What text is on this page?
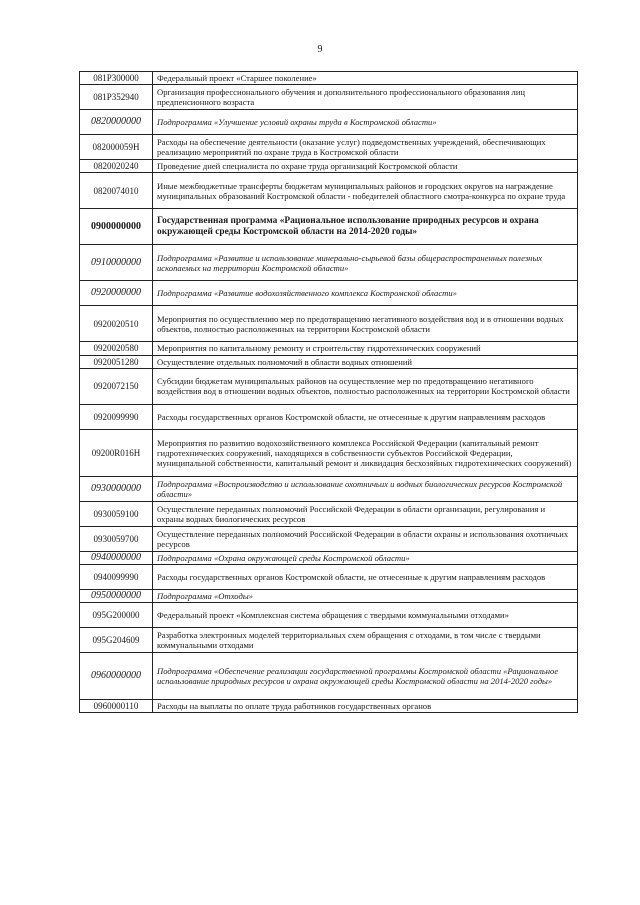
9
081P300000	Федеральный проект «Старшее поколение»
081P352940	Организация профессионального обучения и дополнительного профессионального образования лиц предпенсионного возраста
0820000000	Подпрограмма «Улучшение условий охраны труда в Костромской области»
082000059Н	Расходы на обеспечение деятельности (оказание услуг) подведомственных учреждений, обеспечивающих реализацию мероприятий по охране труда в Костромской области
0820020240	Проведение дней специалиста по охране труда организаций Костромской области
0820074010	Иные межбюджетные трансферты бюджетам муниципальных районов и городских округов на награждение муниципальных образований Костромской области - победителей областного смотра-конкурса по охране труда
0900000000	Государственная программа «Рациональное использование природных ресурсов и охрана окружающей среды Костромской области на 2014-2020 годы»
0910000000	Подпрограмма «Развитие и использование минерально-сырьевой базы общераспространенных полезных ископаемых на территории Костромской области»
0920000000	Подпрограмма «Развитие водохозяйственного комплекса Костромской области»
0920020510	Мероприятия по осуществлению мер по предотвращению негативного воздействия вод и в отношении водных объектов, полностью расположенных на территории Костромской области
0920020580	Мероприятия по капитальному ремонту и строительству гидротехнических сооружений
0920051280	Осуществление отдельных полномочий в области водных отношений
0920072150	Субсидии бюджетам муниципальных районов на осуществление мер по предотвращению негативного воздействия вод в отношении водных объектов, полностью расположенных на территории Костромской области
0920099990	Расходы государственных органов Костромской области, не отнесенные к другим направлениям расходов
09200R016Н	Мероприятия по развитию водохозяйственного комплекса Российской Федерации (капитальный ремонт гидротехнических сооружений, находящихся в собственности субъектов Российской Федерации, муниципальной собственности, капитальный ремонт и ликвидация бесхозяйных гидротехнических сооружений)
0930000000	Подпрограмма «Воспроизводство и использование охотничьих и водных биологических ресурсов Костромской области»
0930059100	Осуществление переданных полномочий Российской Федерации в области организации, регулирования и охраны водных биологических ресурсов
0930059700	Осуществление переданных полномочий Российской Федерации в области охраны и использования охотничьих ресурсов
0940000000	Подпрограмма «Охрана окружающей среды Костромской области»
0940099990	Расходы государственных органов Костромской области, не отнесенные к другим направлениям расходов
0950000000	Подпрограмма «Отходы»
095G200000	Федеральный проект «Комплексная система обращения с твердыми коммунальными отходами»
095G204609	Разработка электронных моделей территориальных схем обращения с отходами, в том числе с твердыми коммунальными отходами
0960000000	Подпрограмма «Обеспечение реализации государственной программы Костромской области «Рациональное использование природных ресурсов и охрана окружающей среды Костромской области на 2014-2020 годы»
0960000110	Расходы на выплаты по оплате труда работников государственных органов
